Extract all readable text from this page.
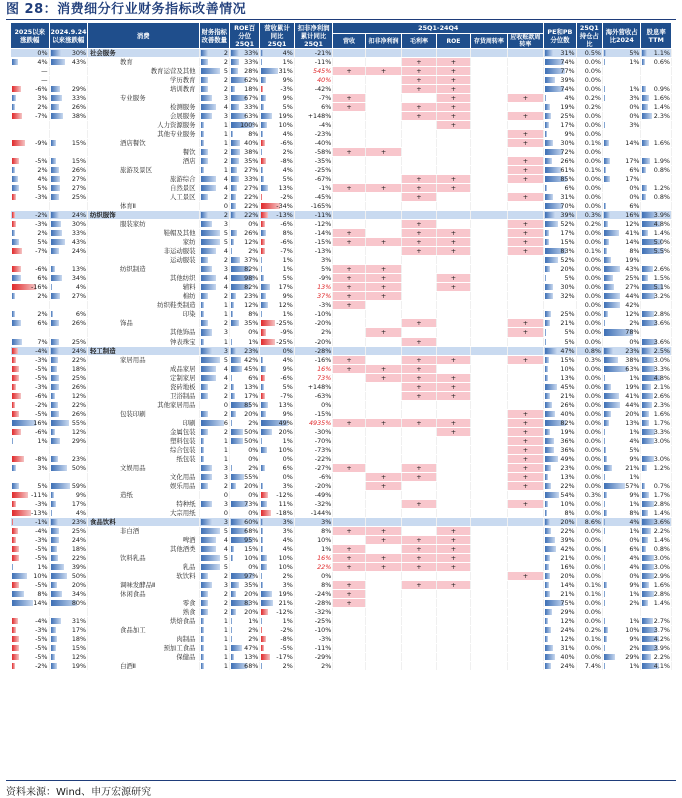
图 28：消费细分行业财务指标改善情况
2025以来涨跌幅	2024.9.24以来涨跌幅	消费	财务指标改善数量	ROE百分位25Q1	营收累计同比25Q1	扣非净利润累计同比25Q1	25Q1-24Q4						PE和PB分位数	25Q1持仓占比	海外营收占比2024	股息率TTM
							营收	扣非净利润	毛利率	ROE	存货周转率	应收账款周转率				

0%	30%	社会服务	2	33%	4%	-21%							31%	0.5%	5%	1.1%

4%	43%	教育	2	33%	1%	-11%			+	+			74%	0.0%	1%	0.6%

—		教育运营及其他	5	28%	31%	545%	+	+	+	+			77%	0.0%	

—		学历教育	2	62%	9%	40%			+	+			39%	0.0%	

-6%	29%	培训教育	2	18%	-3%	-42%			+	+			74%	0.0%	1%	0.9%

3%	33%	专业服务	3	67%	9%	-7%	+			+		+	4%	0.2%	3%	1.6%

2%	26%	检测服务	4	33%	5%	6%	+		+	+			19%	0.2%	0%	1.4%

-7%	38%	会展服务	3	63%	19%	+148%			+	+		+	25%	0.0%	0%	2.3%

	人力资源服务	1	100%	10%	-4%				+			17%	0.0%	3%	

	其他专业服务	1	8%	4%	-23%						+	9%	0.0%	

-9%	15%	酒店餐饮	1	40%	-6%	-40%						+	30%	0.1%	14%	1.6%

	餐饮	2	38%	2%	-58%	+	+					72%	0.0%	

-5%	15%	酒店	2	35%	-8%	-35%						+	26%	0.0%	17%	1.9%

2%	26%	旅游及景区	1	27%	4%	-25%						+	61%	0.1%	6%	0.8%

4%	27%	旅游综合	4	33%	5%	-67%			+	+		+	85%	0.0%	17%	

5%	27%	自然景区	4	27%	13%	-1%	+	+	+	+			6%	0.0%	0%	1.2%

-3%	25%	人工景区	2	22%	-2%	-45%			+			+	31%	0.0%	0%	0.8%

	体育Ⅱ	0	22%	-34%	-165%							70%	0.0%	6%	

-2%	24%	纺织服饰	2	22%	-13%	-11%							39%	0.3%	16%	3.9%

-3%	30%	服装家纺	3	0%	-6%	-12%			+			+	52%	0.2%	12%	4.8%

2%	33%	鞋帽及其他	5	26%	8%	-14%	+		+	+		+	17%	0.0%	41%	1.4%

5%	43%	家纺	5	12%	-6%	-15%	+	+	+	+		+	15%	0.0%	14%	5.0%

-7%	24%	非运动服装	4	2%	-7%	-13%			+	+		+	83%	0.1%	8%	5.5%

	运动服装	2	37%	1%	3%							52%	0.0%	19%	

-6%	13%	纺织制造	3	82%	1%	5%	+	+					20%	0.0%	43%	2.6%

6%	34%	其他纺织	4	98%	5%	-9%	+	+		+			5%	0.0%	25%	1.5%

-16%	4%	辅料	4	82%	17%	13%	+	+		+			30%	0.0%	27%	5.1%

2%	27%	棉纺	2	23%	9%	37%	+	+					32%	0.0%	44%	3.2%

	纺织鞋类制造	1	12%	12%	-3%	+							0.0%	42%	

2%	6%	印染	1	8%	1%	-10%							25%	0.0%	12%	2.8%

6%	26%	饰品	2	35%	-25%	-20%			+			+	21%	0.0%	2%	3.6%

	其他饰品	3	0%	-9%	2%		+				+	5%	0.0%	78%	

7%	25%	钟表珠宝	1	1%	-25%	-20%			+				5%	0.0%	0%	3.6%

-4%	24%	轻工制造	3	23%	0%	-28%							47%	0.8%	23%	2.5%

-3%	22%	家居用品	5	42%	4%	-16%	+		+	+		+	15%	0.3%	38%	3.0%

-5%	18%	成品家居	4	45%	9%	16%	+	+	+				10%	0.0%	63%	3.3%

-5%	25%	定制家居	4	6%	-6%	73%		+	+	+			13%	0.0%	1%	4.8%

-3%	26%	瓷砖地板	2	13%	5%	+148%			+	+			45%	0.0%	19%	2.1%

-6%	12%	卫浴制品	2	17%	-7%	-63%			+	+			21%	0.0%	41%	2.6%

-2%	22%	其他家居用品	0	85%	13%	0%							26%	0.0%	44%	2.3%

-5%	26%	包装印刷	2	20%	9%	-15%						+	40%	0.0%	20%	1.6%

16%	55%	印刷	6	2%	49%	4935%	+	+	+	+		+	82%	0.0%	13%	1.7%

-6%	12%	金属包装	2	50%	20%	-30%				+		+	19%	0.0%	1%	3.3%

1%	29%	塑料包装	1	50%	1%	-70%						+	36%	0.0%	4%	3.0%

	综合包装	1	0%	10%	-73%						+	36%	0.0%	5%	

-8%	23%	纸包装	1	0%	0%	-22%						+	49%	0.0%	9%	3.0%

3%	50%	文娱用品	3	2%	6%	-27%	+		+			+	23%	0.0%	21%	1.2%

	文化用品	3	55%	0%	-6%		+	+			+	13%	0.0%	1%	

5%	59%	娱乐用品	2	20%	3%	-20%		+				+	22%	0.0%	57%	0.7%

-11%	9%	造纸	0	0%	-12%	-49%							54%	0.3%	9%	1.7%

-3%	17%	特种纸	3	73%	11%	-32%			+			+	10%	0.0%	1%	2.8%

-13%	4%	大宗用纸	0	0%	-18%	-144%							8%	0.0%	8%	1.4%

-1%	23%	食品饮料	3	60%	3%	3%							20%	8.6%	4%	3.6%

-4%	25%	非白酒	5	68%	3%	8%	+	+		+			22%	0.0%	1%	2.2%

-3%	24%	啤酒	4	95%	4%	10%		+	+	+			39%	0.0%	0%	1.4%

-5%	18%	其他酒类	4	15%	4%	1%	+		+	+			42%	0.0%	6%	0.8%

-5%	22%	饮料乳品	5	10%	10%	16%	+	+	+	+			21%	0.0%	4%	3.0%

1%	39%	乳品	5	0%	10%	22%	+	+	+	+			16%	0.0%	4%	3.0%

10%	50%	软饮料	2	97%	2%	0%						+	20%	0.0%	0%	2.9%

-5%	20%	调味发酵品Ⅱ	3	35%	3%	8%	+		+	+			14%	0.1%	9%	1.6%

8%	34%	休闲食品	2	20%	19%	-24%	+						21%	0.1%	1%	2.8%

14%	80%	零食	2	83%	21%	-28%	+						75%	0.0%	2%	1.4%

	熟食	2	20%	-12%	-32%							29%	0.0%	

-4%	31%	烘焙食品	1	1%	1%	-25%							12%	0.0%	1%	2.7%

-3%	17%	食品加工	1	2%	-2%	-10%							24%	0.2%	10%	3.7%

-5%	18%	肉制品	1	2%	-8%	-3%							12%	0.1%	9%	4.2%

-5%	15%	预加工食品	1	47%	-5%	-11%							31%	0.0%	2%	3.9%

-5%	12%	保健品	1	13%	-17%	-29%							40%	0.0%	29%	2.2%

-2%	19%	白酒Ⅱ	1	68%	2%	2%							24%	7.4%	1%	4.1%
资料来源：Wind、申万宏源研究
